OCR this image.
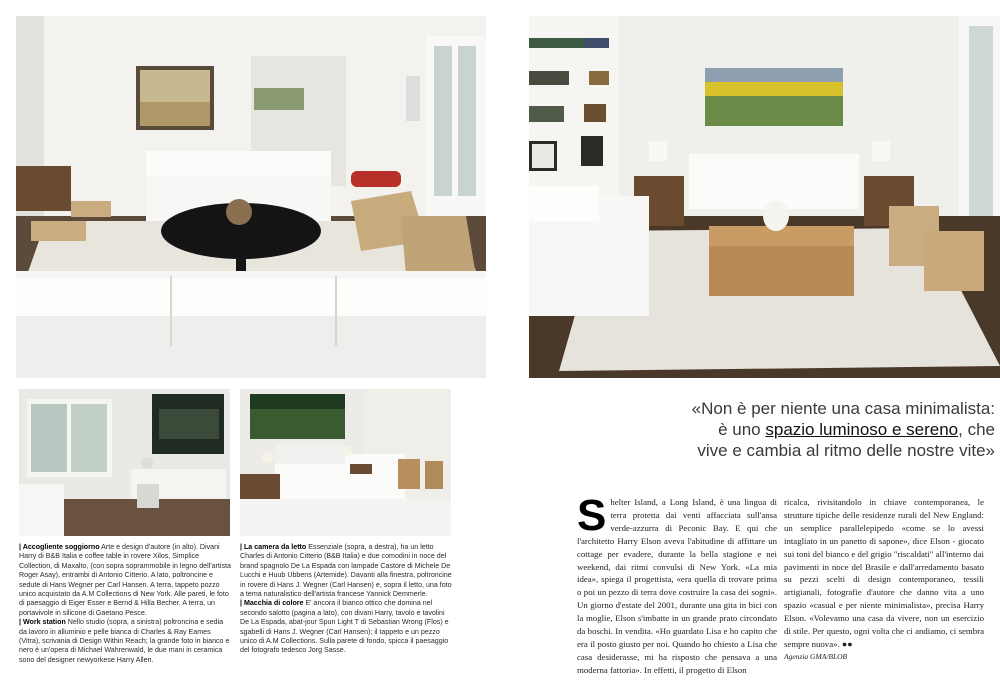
«Non è per niente una casa minimalista:
è uno spazio luminoso e sereno, che
vive e cambia al ritmo delle nostre vite»

| Accogliente soggiorno Arte e design d'autore (in alto). Divani Harry di B&B Italia e coffee table in rovere Xilos, Simplice Collection, di Maxalto, (con sopra soprammobile in legno dell'artista Roger Asay), entrambi di Antonio Citterio. A lato, poltroncine e sedute di Hans Wegner per Carl Hansen. A terra, tappeto pozzo unico acquistato da A.M Collections di New York. Alle pareti, le foto di paesaggio di Eiger Esser e Bernd & Hilla Becher. A terra, un portavivole in silicone di Gaetano Pesce.

| Work station Nello studio (sopra, a sinistra) poltroncina e sedia da lavoro in alluminio e pelle bianca di Charles & Ray Eames (Vitra), scrivania di Design Within Reach; la grande foto in bianco e nero è un'opera di Michael Wahrenwald, le due mani in ceramica sono del designer newyorkese Harry Allen.

| La camera da letto Essenziale (sopra, a destra), ha un letto Charles di Antonio Citterio (B&B Italia) e due comodini in noce del brand spagnolo De La Espada con lampade Castore di Michele De Lucchi e Huub Ubbens (Artemide). Davanti alla finestra, poltroncine in rovere di Hans J. Wegner (Carl Hansen) e, sopra il letto, una foto a tema naturalistico dell'artista francese Yannick Demmerle.

| Macchia di colore E' ancora il bianco ottico che domina nel secondo salotto (pagina a lato), con divani Harry, tavolo e tavolini De La Espada, abat-jour Spun Light T di Sebastian Wrong (Flos) e sgabelli di Hans J. Wegner (Carl Hansen); il tappeto e un pezzo unico di A.M Collections. Sulla parete di fondo, spicca il paesaggio del fotografo tedesco Jorg Sasse.

Shelter Island, a Long Island, è una lingua di terra protetta dai venti affacciata sull'ansa verde-azzurra di Peconic Bay. E qui che l'architetto Harry Elson aveva l'abitudine di affittare un cottage per evadere, durante la bella stagione e nei weekend, dai ritmi convulsi di New York. «La mia idea», spiega il progettista, «era quella di trovare prima o poi un pezzo di terra dove costruire la casa dei sogni». Un giorno d'estate del 2001, durante una gita in bici con la moglie, Elson s'imbatte in un grande prato circondato da boschi. In vendita. «Ho guardato Lisa e ho capito che era il posto giusto per noi. Quando ho chiesto a Lisa che casa desiderasse, mi ha risposto che pensava a una moderna fattoria». In effetti, il progetto di Elson
ricalca, rivisitandolo in chiave contemporanea, le strutture tipiche delle residenze rurali del New England: un semplice parallelepipedo «come se lo avessi intagliato in un panetto di sapone», dice Elson - giocato sui toni del bianco e del grigio "riscaldati" all'interno dai pavimenti in noce del Brasile e dall'arredamento basato su pezzi scelti di design contemporaneo, tessili artigianali, fotografie d'autore che danno vita a uno spazio «casual e per niente minimalista», precisa Harry Elson. «Volevamo una casa da vivere, non un esercizio di stile. Per questo, ogni volta che ci andiamo, ci sembra sempre nuova». ●●
Agenzia GMA/BLOB
